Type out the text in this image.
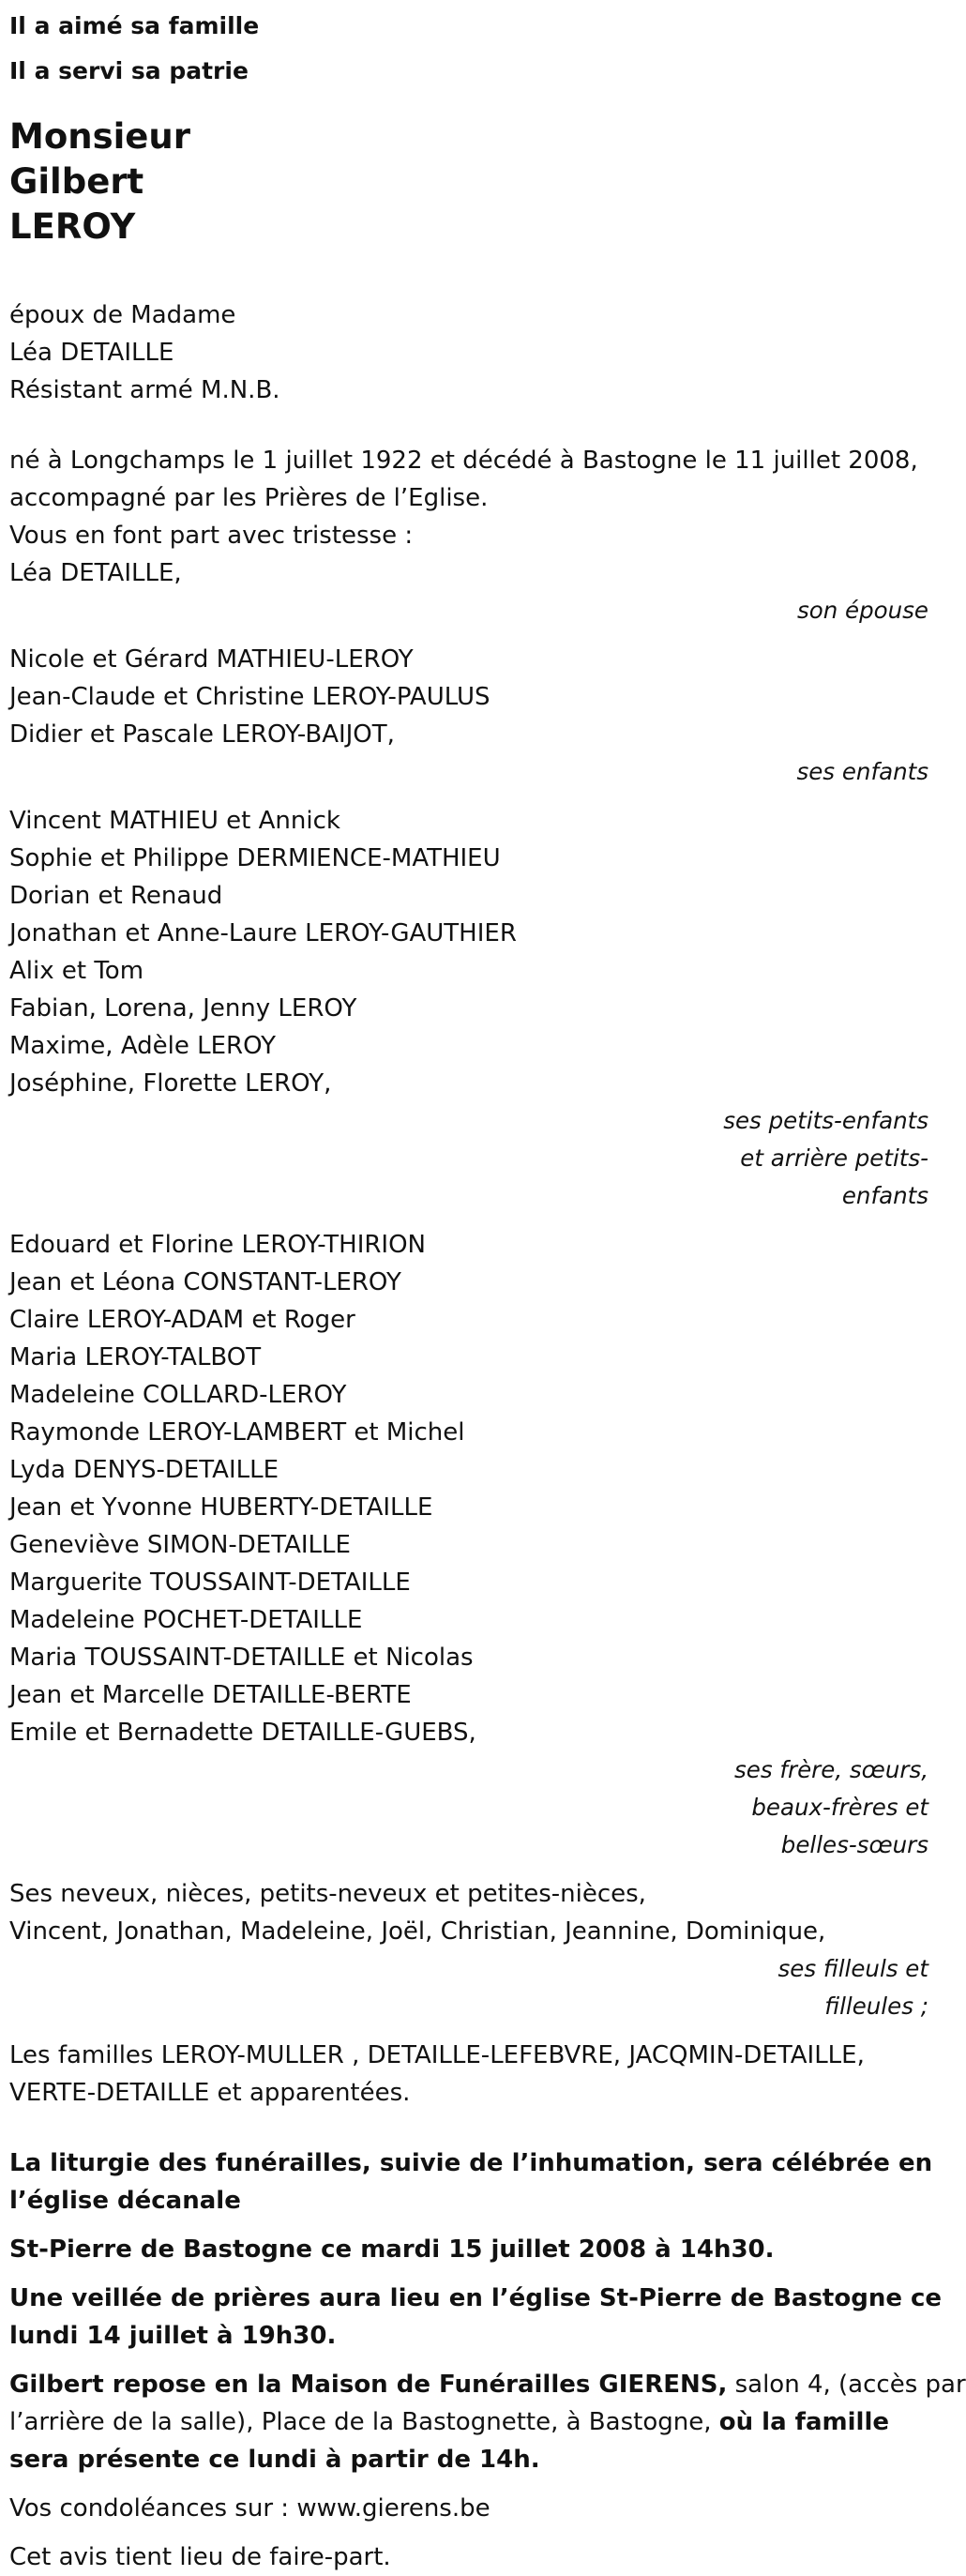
Il a aimé sa famille
Il a servi sa patrie
Monsieur
Gilbert
LEROY
époux de Madame
Léa DETAILLE
Résistant armé M.N.B.
né à Longchamps le 1 juillet 1922 et décédé à Bastogne le 11 juillet 2008,
accompagné par les Prières de l’Eglise.
Vous en font part avec tristesse :
Léa DETAILLE,
son épouse
Nicole et Gérard MATHIEU-LEROY
Jean-Claude et Christine LEROY-PAULUS
Didier et Pascale LEROY-BAIJOT,
ses enfants
Vincent MATHIEU et Annick
Sophie et Philippe DERMIENCE-MATHIEU
Dorian et Renaud
Jonathan et Anne-Laure LEROY-GAUTHIER
Alix et Tom
Fabian, Lorena, Jenny LEROY
Maxime, Adèle LEROY
Joséphine, Florette LEROY,
ses petits-enfants
et arrière petits-
enfants
Edouard et Florine LEROY-THIRION
Jean et Léona CONSTANT-LEROY
Claire LEROY-ADAM et Roger
Maria LEROY-TALBOT
Madeleine COLLARD-LEROY
Raymonde LEROY-LAMBERT et Michel
Lyda DENYS-DETAILLE
Jean et Yvonne HUBERTY-DETAILLE
Geneviève SIMON-DETAILLE
Marguerite TOUSSAINT-DETAILLE
Madeleine POCHET-DETAILLE
Maria TOUSSAINT-DETAILLE et Nicolas
Jean et Marcelle DETAILLE-BERTE
Emile et Bernadette DETAILLE-GUEBS,
ses frère, sœurs,
beaux-frères et
belles-sœurs
Ses neveux, nièces, petits-neveux et petites-nièces,
Vincent, Jonathan, Madeleine, Joël, Christian, Jeannine, Dominique,
ses filleuls et
filleules ;
Les familles LEROY-MULLER , DETAILLE-LEFEBVRE, JACQMIN-DETAILLE,
VERTE-DETAILLE et apparentées.
La liturgie des funérailles, suivie de l’inhumation, sera célébrée en
l’église décanale
St-Pierre de Bastogne ce mardi 15 juillet 2008 à 14h30.
Une veillée de prières aura lieu en l’église St-Pierre de Bastogne ce
lundi 14 juillet à 19h30.
Gilbert repose en la Maison de Funérailles GIERENS, salon 4, (accès par
l’arrière de la salle), Place de la Bastognette, à Bastogne, où la famille
sera présente ce lundi à partir de 14h.
Vos condoléances sur : www.gierens.be
Cet avis tient lieu de faire-part.
